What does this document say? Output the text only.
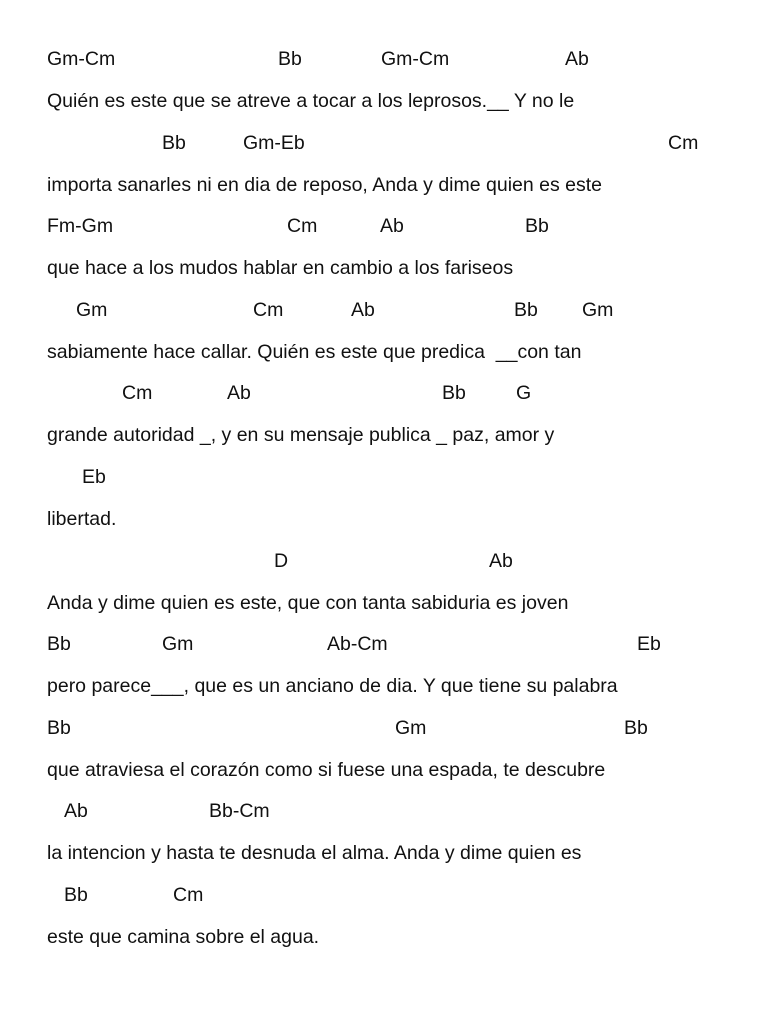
Gm-Cm	Bb	Gm-Cm	Ab
Quién es este que se atreve a tocar a los leprosos.__ Y no le
Bb	Gm-Eb	Cm
importa sanarles ni en dia de reposo, Anda y dime quien es este
Fm-Gm	Cm	Ab	Bb
que hace a los mudos hablar en cambio a los fariseos
Gm	Cm	Ab	Bb Gm
sabiamente hace callar. Quién es este que predica  __con tan
Cm	Ab	Bb	G
grande autoridad _, y en su mensaje publica _ paz, amor y
Eb
libertad.
D	Ab
Anda y dime quien es este, que con tanta sabiduria es joven
Bb	Gm	Ab-Cm	Eb
pero parece___, que es un anciano de dia. Y que tiene su palabra
Bb	Gm	Bb
que atraviesa el corazón como si fuese una espada, te descubre
Ab	Bb-Cm
la intencion y hasta te desnuda el alma. Anda y dime quien es
Bb	Cm
este que camina sobre el agua.
